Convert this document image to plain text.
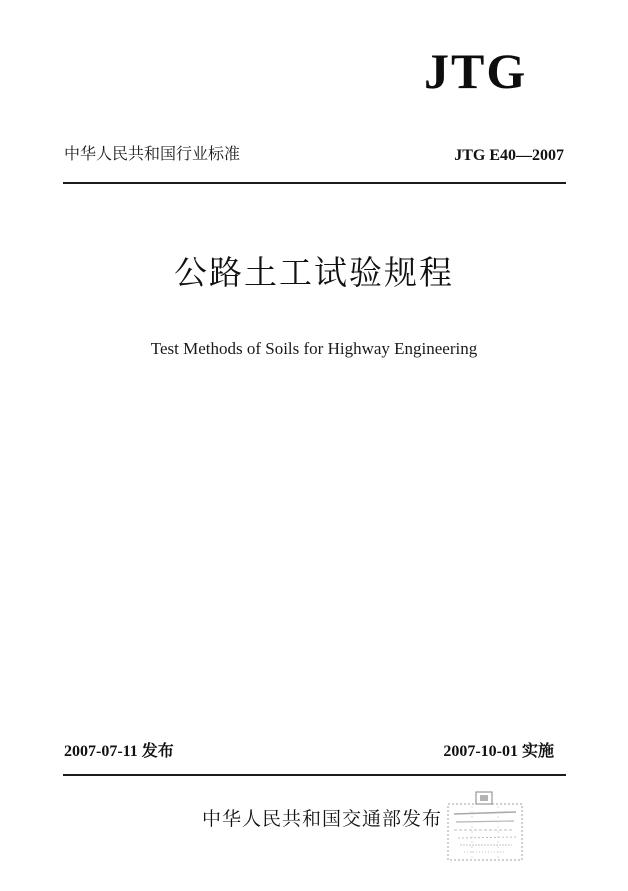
JTG
中华人民共和国行业标准	JTG E40—2007
公路土工试验规程
Test Methods of Soils for Highway Engineering
2007-07-11 发布	2007-10-01 实施
中华人民共和国交通部发布
